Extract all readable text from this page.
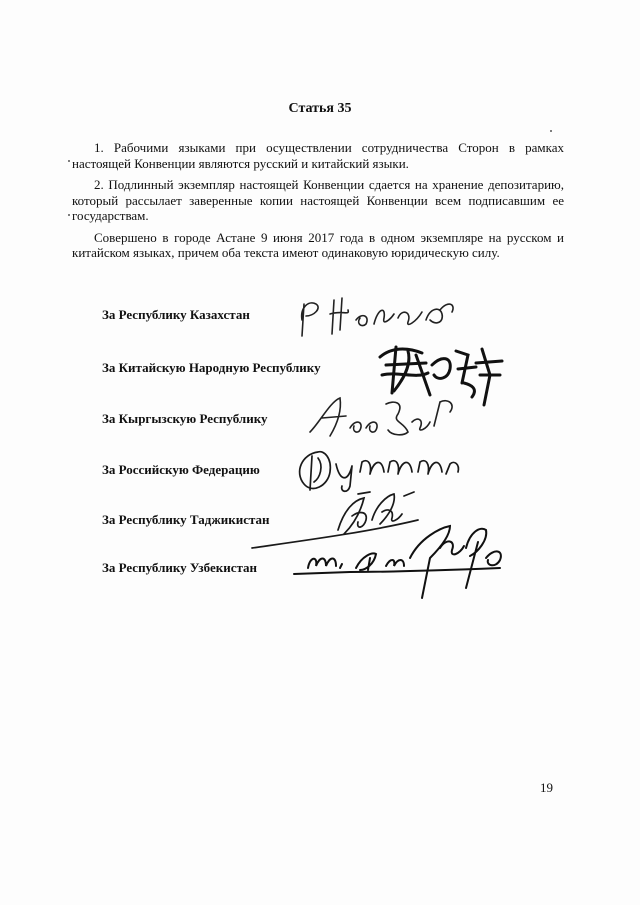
Статья 35

1. Рабочими языками при осуществлении сотрудничества Сторон в рамках настоящей Конвенции являются русский и китайский языки.

2. Подлинный экземпляр настоящей Конвенции сдается на хранение депозитарию, который рассылает заверенные копии настоящей Конвенции всем подписавшим ее государствам.

Совершено в городе Астане 9 июня 2017 года в одном экземпляре на русском и китайском языках, причем оба текста имеют одинаковую юридическую силу.

За Республику Казахстан
За Китайскую Народную Республику
За Кыргызскую Республику
За Российскую Федерацию
За Республику Таджикистан
За Республику Узбекистан
19
